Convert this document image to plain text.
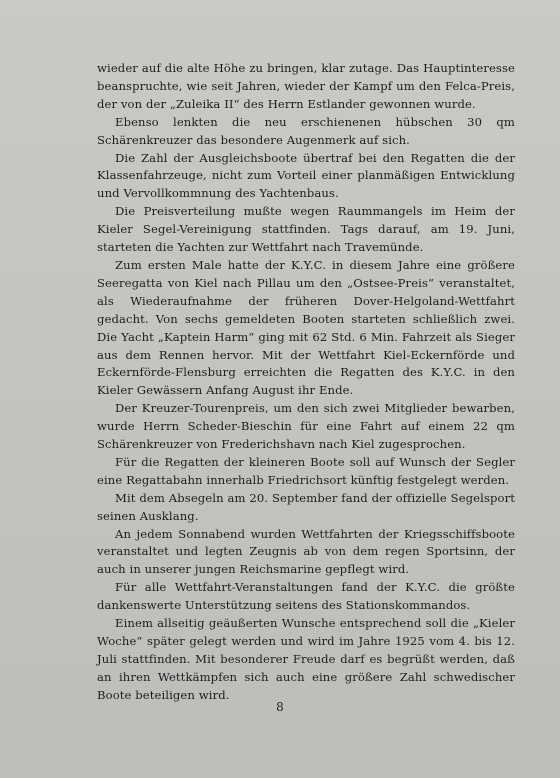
wieder auf die alte Höhe zu bringen, klar zutage. Das Hauptinteresse beanspruchte, wie seit Jahren, wieder der Kampf um den Felca-Preis, der von der „Zuleika II“ des Herrn Estlander gewonnen wurde.

Ebenso lenkten die neu erschienenen hübschen 30 qm Schärenkreuzer das besondere Augenmerk auf sich.

Die Zahl der Ausgleichsboote übertraf bei den Regatten die der Klassenfahrzeuge, nicht zum Vorteil einer planmäßigen Entwicklung und Vervollkommnung des Yachtenbaus.

Die Preisverteilung mußte wegen Raummangels im Heim der Kieler Segel-Vereinigung stattfinden. Tags darauf, am 19. Juni, starteten die Yachten zur Wettfahrt nach Travemünde.

Zum ersten Male hatte der K.Y.C. in diesem Jahre eine größere Seeregatta von Kiel nach Pillau um den „Ostsee-Preis“ veranstaltet, als Wiederaufnahme der früheren Dover-Helgoland-Wettfahrt gedacht. Von sechs gemeldeten Booten starteten schließlich zwei. Die Yacht „Kaptein Harm“ ging mit 62 Std. 6 Min. Fahrzeit als Sieger aus dem Rennen hervor. Mit der Wettfahrt Kiel-Eckernförde und Eckernförde-Flensburg erreichten die Regatten des K.Y.C. in den Kieler Gewässern Anfang August ihr Ende.

Der Kreuzer-Tourenpreis, um den sich zwei Mitglieder bewarben, wurde Herrn Scheder-Bieschin für eine Fahrt auf einem 22 qm Schärenkreuzer von Frederichshavn nach Kiel zugesprochen.

Für die Regatten der kleineren Boote soll auf Wunsch der Segler eine Regattabahn innerhalb Friedrichsort künftig festgelegt werden.

Mit dem Absegeln am 20. September fand der offizielle Segelsport seinen Ausklang.

An jedem Sonnabend wurden Wettfahrten der Kriegsschiffsboote veranstaltet und legten Zeugnis ab von dem regen Sportsinn, der auch in unserer jungen Reichsmarine gepflegt wird.

Für alle Wettfahrt-Veranstaltungen fand der K.Y.C. die größte dankenswerte Unterstützung seitens des Stationskommandos.

Einem allseitig geäußerten Wunsche entsprechend soll die „Kieler Woche“ später gelegt werden und wird im Jahre 1925 vom 4. bis 12. Juli stattfinden. Mit besonderer Freude darf es begrüßt werden, daß an ihren Wettkämpfen sich auch eine größere Zahl schwedischer Boote beteiligen wird.

8
